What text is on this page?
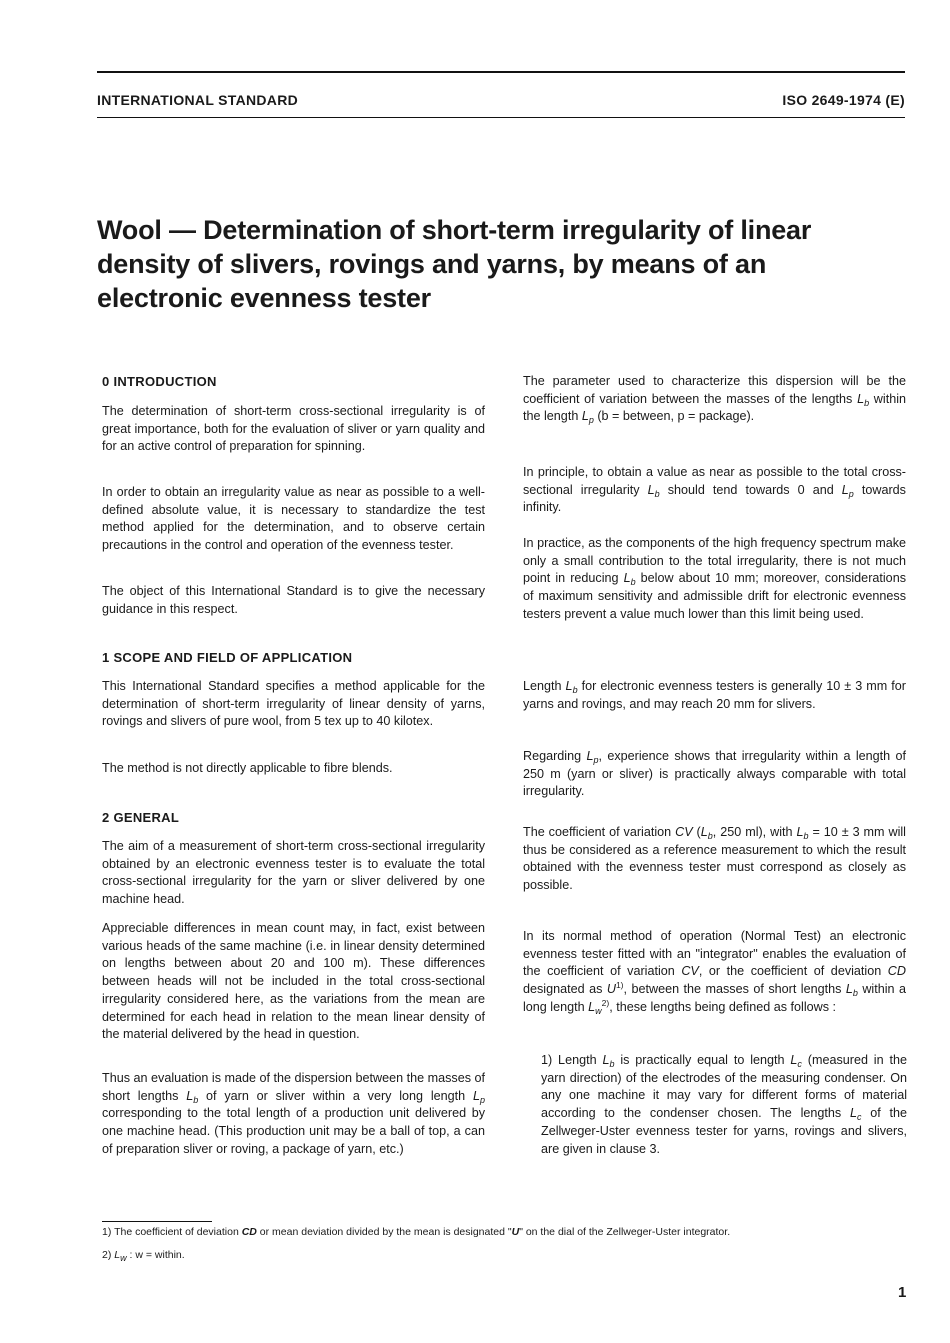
INTERNATIONAL STANDARD	ISO 2649-1974 (E)
Wool — Determination of short-term irregularity of linear density of slivers, rovings and yarns, by means of an electronic evenness tester
0 INTRODUCTION
The determination of short-term cross-sectional irregularity is of great importance, both for the evaluation of sliver or yarn quality and for an active control of preparation for spinning.
In order to obtain an irregularity value as near as possible to a well-defined absolute value, it is necessary to standardize the test method applied for the determination, and to observe certain precautions in the control and operation of the evenness tester.
The object of this International Standard is to give the necessary guidance in this respect.
1 SCOPE AND FIELD OF APPLICATION
This International Standard specifies a method applicable for the determination of short-term irregularity of linear density of yarns, rovings and slivers of pure wool, from 5 tex up to 40 kilotex.
The method is not directly applicable to fibre blends.
2 GENERAL
The aim of a measurement of short-term cross-sectional irregularity obtained by an electronic evenness tester is to evaluate the total cross-sectional irregularity for the yarn or sliver delivered by one machine head.
Appreciable differences in mean count may, in fact, exist between various heads of the same machine (i.e. in linear density determined on lengths between about 20 and 100 m). These differences between heads will not be included in the total cross-sectional irregularity considered here, as the variations from the mean are determined for each head in relation to the mean linear density of the material delivered by the head in question.
Thus an evaluation is made of the dispersion between the masses of short lengths $L_b$ of yarn or sliver within a very long length $L_p$ corresponding to the total length of a production unit delivered by one machine head. (This production unit may be a ball of top, a can of preparation sliver or roving, a package of yarn, etc.)
The parameter used to characterize this dispersion will be the coefficient of variation between the masses of the lengths $L_b$ within the length $L_p$ (b = between, p = package).
In principle, to obtain a value as near as possible to the total cross-sectional irregularity $L_b$ should tend towards 0 and $L_p$ towards infinity.
In practice, as the components of the high frequency spectrum make only a small contribution to the total irregularity, there is not much point in reducing $L_b$ below about 10 mm; moreover, considerations of maximum sensitivity and admissible drift for electronic evenness testers prevent a value much lower than this limit being used.
Length $L_b$ for electronic evenness testers is generally 10 ± 3 mm for yarns and rovings, and may reach 20 mm for slivers.
Regarding $L_p$, experience shows that irregularity within a length of 250 m (yarn or sliver) is practically always comparable with total irregularity.
The coefficient of variation CV ($L_b$, 250 ml), with $L_b = 10 \pm 3$ mm will thus be considered as a reference measurement to which the result obtained with the evenness tester must correspond as closely as possible.
In its normal method of operation (Normal Test) an electronic evenness tester fitted with an "integrator" enables the evaluation of the coefficient of variation CV, or the coefficient of deviation CD designated as $U^{1)}$, between the masses of short lengths $L_b$ within a long length $L_w^{2)}$, these lengths being defined as follows :
1) Length $L_b$ is practically equal to length $L_c$ (measured in the yarn direction) of the electrodes of the measuring condenser. On any one machine it may vary for different forms of material according to the condenser chosen. The lengths $L_c$ of the Zellweger-Uster evenness tester for yarns, rovings and slivers, are given in clause 3.
1) The coefficient of deviation CD or mean deviation divided by the mean is designated "U" on the dial of the Zellweger-Uster integrator.
2) $L_w$ : w = within.
1
